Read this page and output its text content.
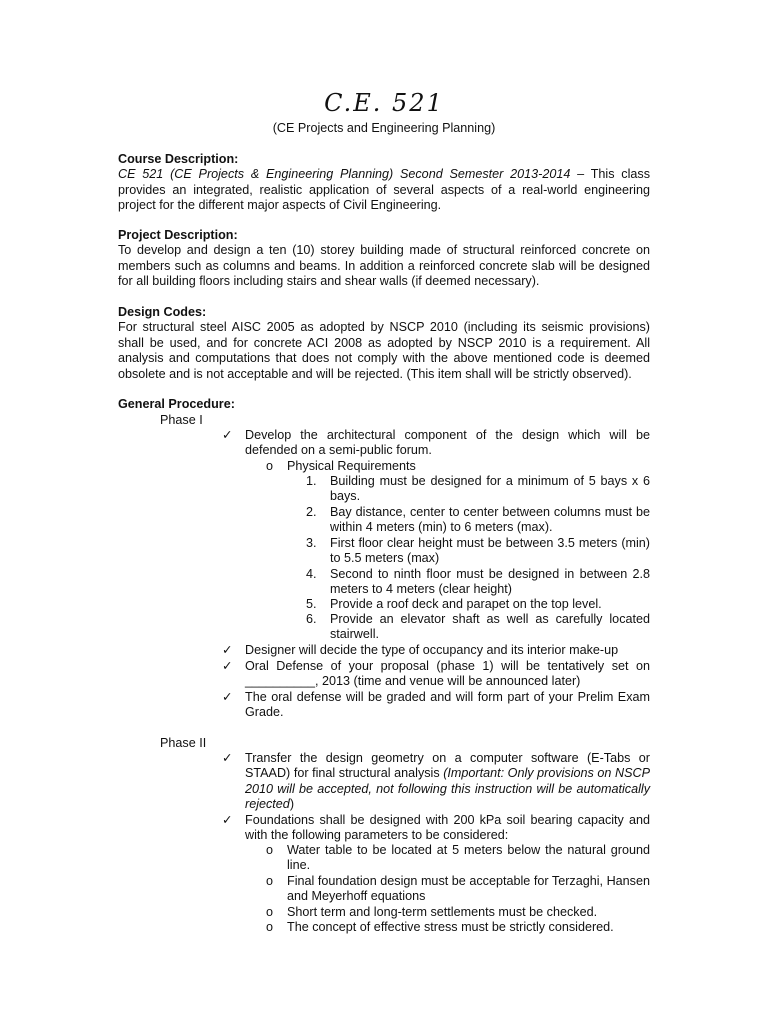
C.E. 521
(CE Projects and Engineering Planning)
Course Description:

CE 521 (CE Projects & Engineering Planning) Second Semester 2013-2014 – This class provides an integrated, realistic application of several aspects of a real-world engineering project for the different major aspects of Civil Engineering.

Project Description:

To develop and design a ten (10) storey building made of structural reinforced concrete on members such as columns and beams. In addition a reinforced concrete slab will be designed for all building floors including stairs and shear walls (if deemed necessary).

Design Codes:

For structural steel AISC 2005 as adopted by NSCP 2010 (including its seismic provisions) shall be used, and for concrete ACI 2008 as adopted by NSCP 2010 is a requirement. All analysis and computations that does not comply with the above mentioned code is deemed obsolete and is not acceptable and will be rejected. (This item shall will be strictly observed).

General Procedure:
Phase I
✓ Develop the architectural component of the design which will be defended on a semi-public forum.
o Physical Requirements
1. Building must be designed for a minimum of 5 bays x 6 bays.
2. Bay distance, center to center between columns must be within 4 meters (min) to 6 meters (max).
3. First floor clear height must be between 3.5 meters (min) to 5.5 meters (max)
4. Second to ninth floor must be designed in between 2.8 meters to 4 meters (clear height)
5. Provide a roof deck and parapet on the top level.
6. Provide an elevator shaft as well as carefully located stairwell.
✓ Designer will decide the type of occupancy and its interior make-up
✓ Oral Defense of your proposal (phase 1) will be tentatively set on __________, 2013 (time and venue will be announced later)
✓ The oral defense will be graded and will form part of your Prelim Exam Grade.
Phase II
✓ Transfer the design geometry on a computer software (E-Tabs or STAAD) for final structural analysis (Important: Only provisions on NSCP 2010 will be accepted, not following this instruction will be automatically rejected)
✓ Foundations shall be designed with 200 kPa soil bearing capacity and with the following parameters to be considered:
o Water table to be located at 5 meters below the natural ground line.
o Final foundation design must be acceptable for Terzaghi, Hansen and Meyerhoff equations
o Short term and long-term settlements must be checked.
o The concept of effective stress must be strictly considered.
